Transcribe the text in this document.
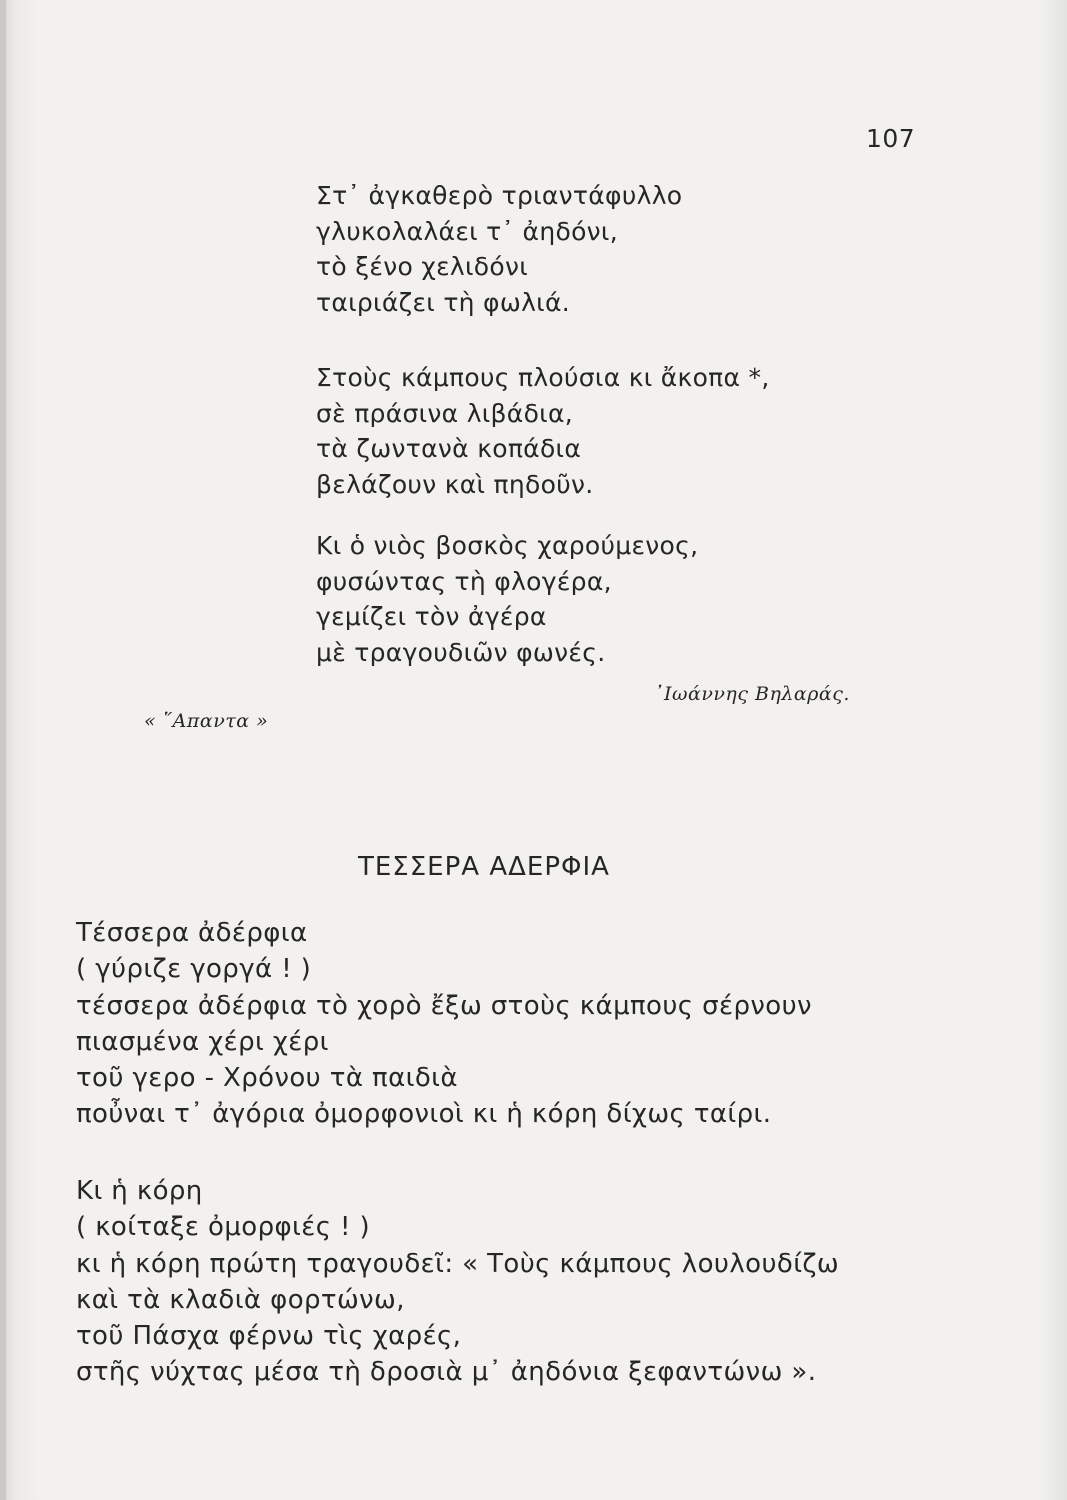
107
Στ᾿ ἀγκαθερὸ τριαντάφυλλο
γλυκολαλάει τ᾿ ἀηδόνι,
τὸ ξένο χελιδόνι
ταιριάζει τὴ φωλιά.
Στοὺς κάμπους πλούσια κι ἄκοπα *,
σὲ πράσινα λιβάδια,
τὰ ζωντανὰ κοπάδια
βελάζουν καὶ πηδοῦν.
Κι ὁ νιὸς βοσκὸς χαρούμενος,
φυσώντας τὴ φλογέρα,
γεμίζει τὸν ἀγέρα
μὲ τραγουδιῶν φωνές.
᾿Ιωάννης Βηλαράς.
« ῞Απαντα »
ΤΕΣΣΕΡΑ ΑΔΕΡΦΙΑ
Τέσσερα ἀδέρφια
( γύριζε γοργά ! )
τέσσερα ἀδέρφια τὸ χορὸ ἔξω στοὺς κάμπους σέρνουν
πιασμένα χέρι χέρι
τοῦ γερο - Χρόνου τὰ παιδιὰ
ποὖναι τ᾿ ἀγόρια ὀμορφονιοὶ κι ἡ κόρη δίχως ταίρι.
Κι ἡ κόρη
( κοίταξε ὀμορφιές ! )
κι ἡ κόρη πρώτη τραγουδεῖ: « Τοὺς κάμπους λουλουδίζω
καὶ τὰ κλαδιὰ φορτώνω,
τοῦ Πάσχα φέρνω τὶς χαρές,
στῆς νύχτας μέσα τὴ δροσιὰ μ᾿ ἀηδόνια ξεφαντώνω ».
